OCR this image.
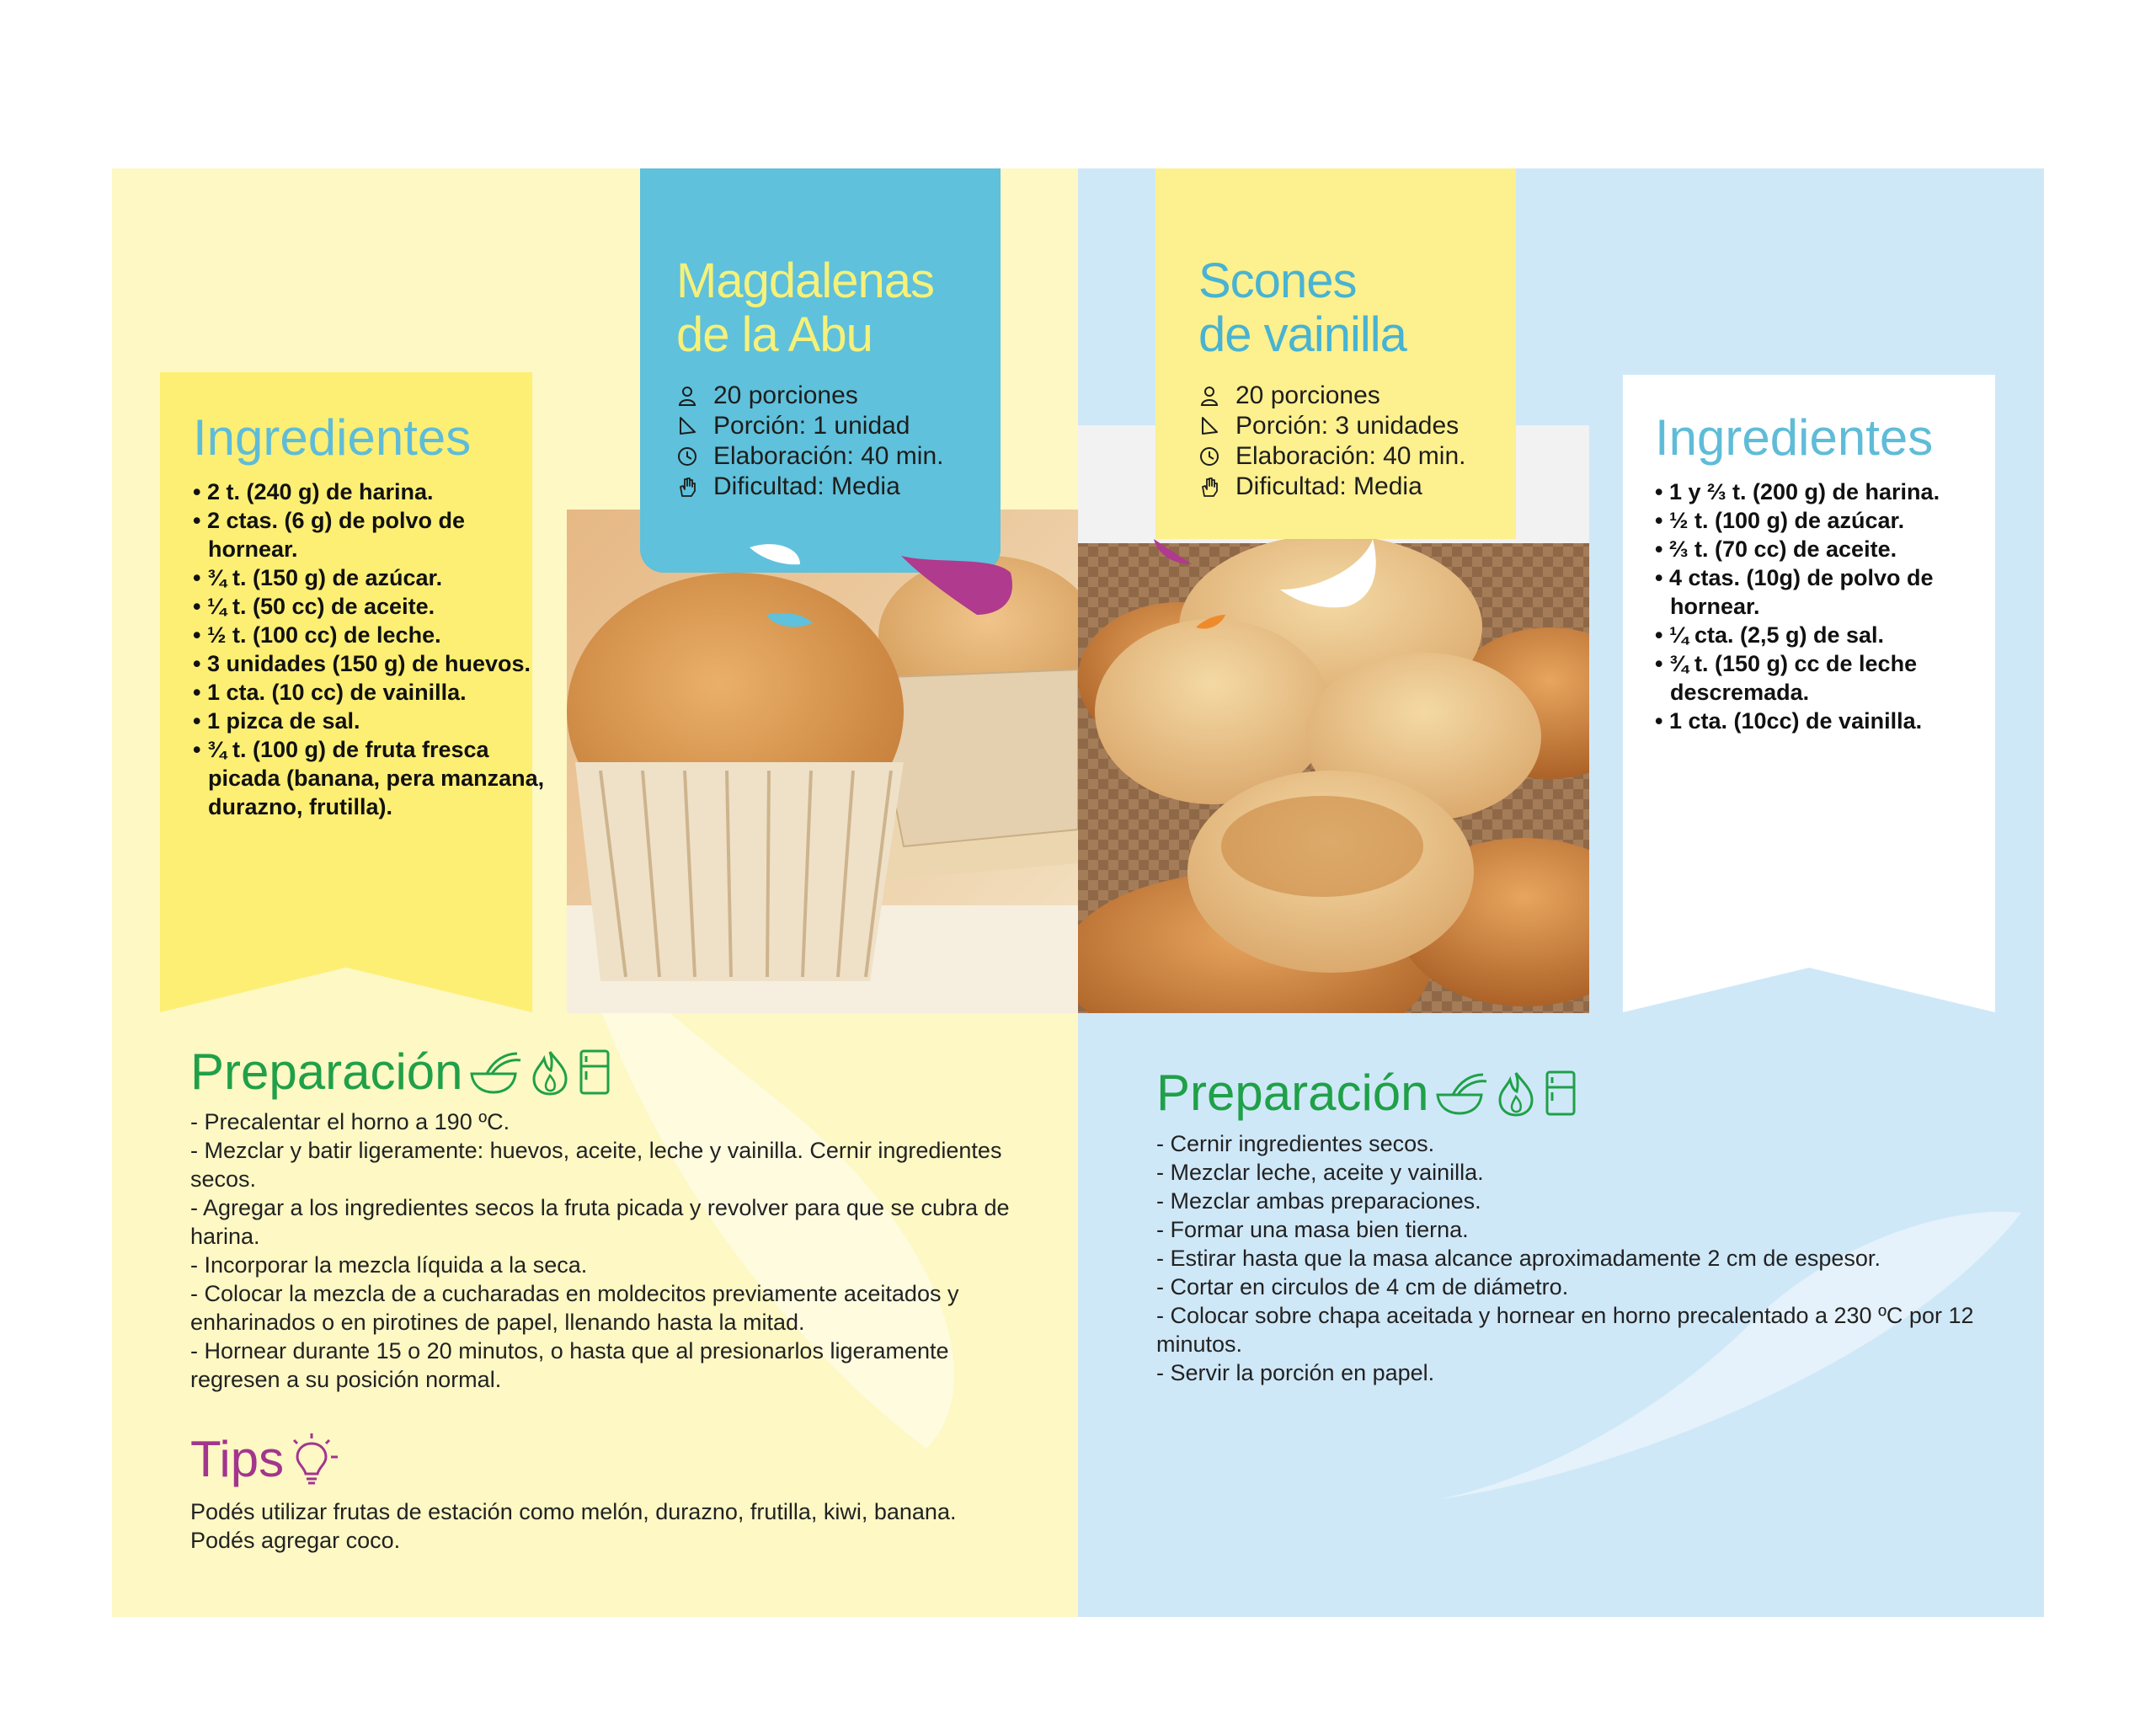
Magdalenas
de la Abu
Scones
de vainilla
20 porciones
Porción: 1 unidad
Elaboración: 40 min.
Dificultad: Media
20 porciones
Porción: 3 unidades
Elaboración: 40 min.
Dificultad: Media
Ingredientes
• 2 t. (240 g) de harina.
• 2 ctas. (6 g) de polvo de hornear.
• ¾ t. (150 g) de azúcar.
• ¼ t. (50 cc) de aceite.
• ½ t. (100 cc) de leche.
• 3 unidades (150 g) de huevos.
• 1 cta. (10 cc) de vainilla.
• 1 pizca de sal.
• ¾ t. (100 g) de fruta fresca picada (banana, pera manzana, durazno, frutilla).
Ingredientes
• 1 y ⅔ t. (200 g) de harina.
• ½ t. (100 g) de azúcar.
• ⅔ t. (70 cc) de aceite.
• 4 ctas. (10g) de polvo de hornear.
• ¼ cta. (2,5 g) de sal.
• ¾ t. (150 g) cc de leche descremada.
• 1 cta. (10cc) de vainilla.
Preparación
- Precalentar el horno a 190 ºC.
- Mezclar y batir ligeramente: huevos, aceite, leche y vainilla. Cernir ingredientes secos.
- Agregar a los ingredientes secos la fruta picada y revolver para que se cubra de harina.
- Incorporar la mezcla líquida a la seca.
- Colocar la mezcla de a cucharadas en moldecitos previamente aceitados y enharinados o en pirotines de papel, llenando hasta la mitad.
- Hornear durante 15 o 20 minutos, o hasta que al presionarlos ligeramente regresen a su posición normal.
Tips
Podés utilizar frutas de estación como melón, durazno, frutilla, kiwi, banana. Podés agregar coco.
Preparación
- Cernir ingredientes secos.
- Mezclar leche, aceite y vainilla.
- Mezclar ambas preparaciones.
- Formar una masa bien tierna.
- Estirar hasta que la masa alcance aproximadamente 2 cm de espesor.
- Cortar en circulos de 4 cm de diámetro.
- Colocar sobre chapa aceitada y hornear en horno precalentado a 230 ºC por 12 minutos.
- Servir la porción en papel.
